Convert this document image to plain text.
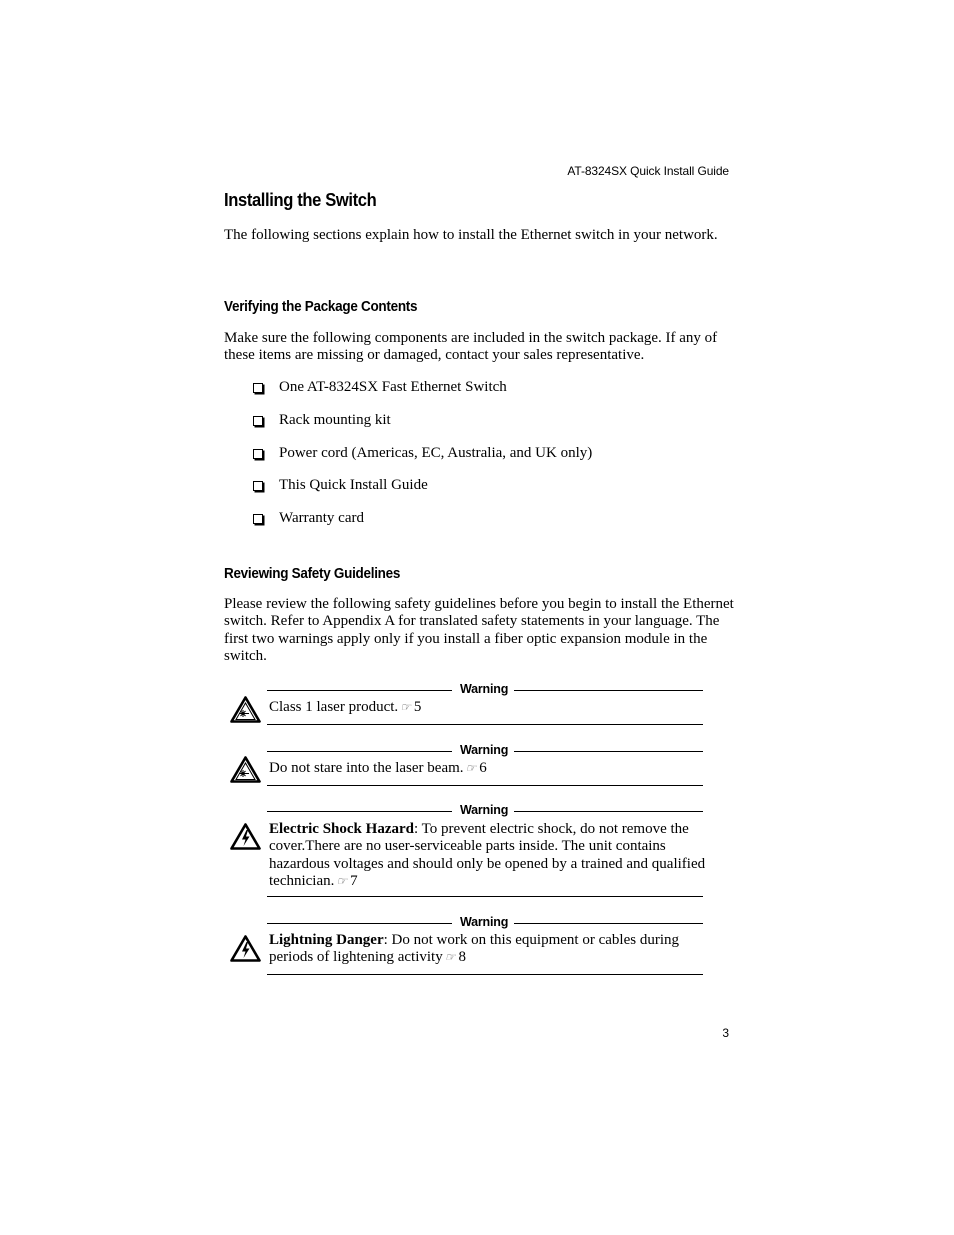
AT-8324SX Quick Install Guide
Installing the Switch
The following sections explain how to install the Ethernet switch in your network.
Verifying the Package Contents
Make sure the following components are included in the switch package. If any of these items are missing or damaged, contact your sales representative.
One AT-8324SX Fast Ethernet Switch
Rack mounting kit
Power cord (Americas, EC, Australia, and UK only)
This Quick Install Guide
Warranty card
Reviewing Safety Guidelines
Please review the following safety guidelines before you begin to install the Ethernet switch. Refer to Appendix A for translated safety statements in your language. The first two warnings apply only if you install a fiber optic expansion module in the switch.
Warning
Class 1 laser product. ☞ 5
Warning
Do not stare into the laser beam. ☞ 6
Warning
Electric Shock Hazard: To prevent electric shock, do not remove the cover.There are no user-serviceable parts inside. The unit contains hazardous voltages and should only be opened by a trained and qualified technician. ☞ 7
Warning
Lightning Danger: Do not work on this equipment or cables during periods of lightening activity ☞ 8
3
